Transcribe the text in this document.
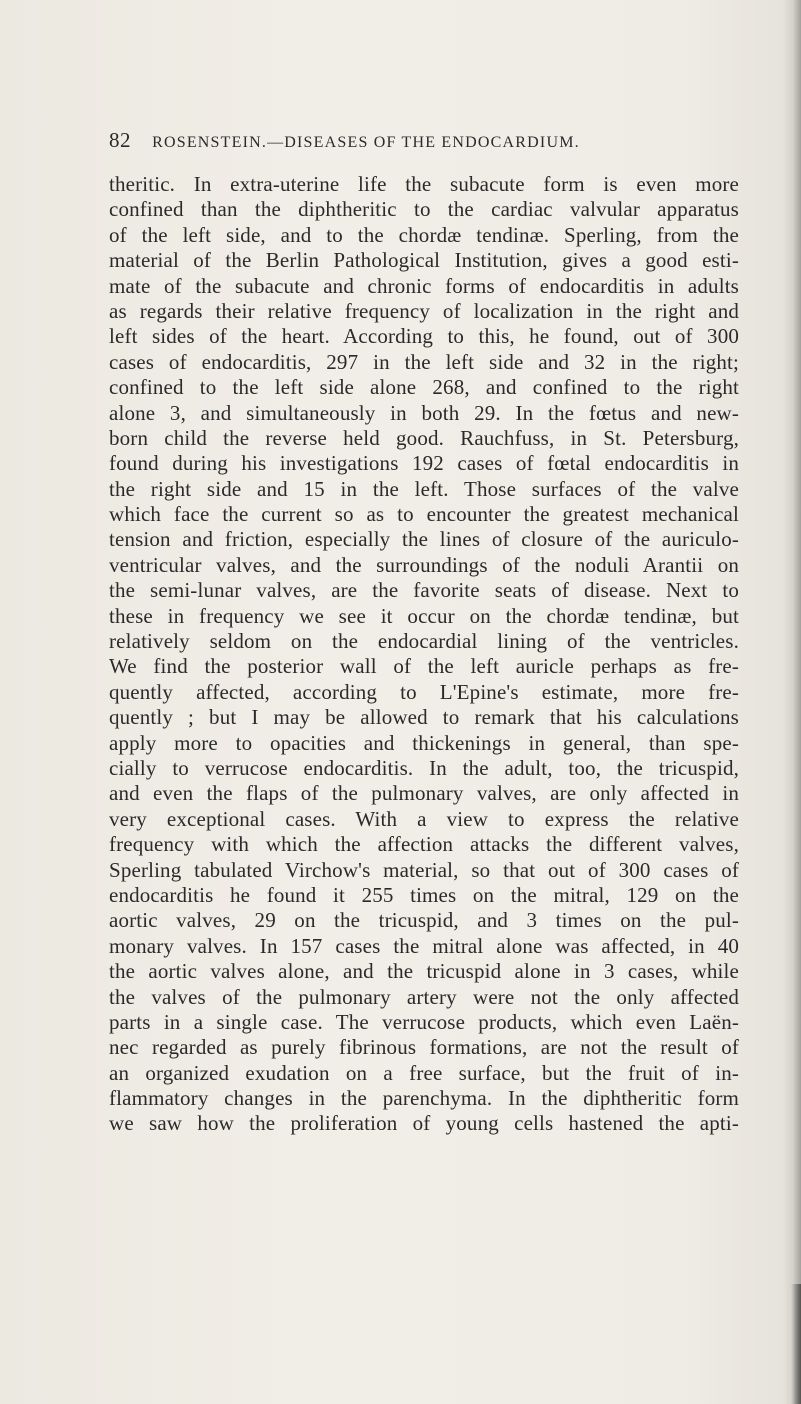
82 ROSENSTEIN.—DISEASES OF THE ENDOCARDIUM.
theritic. In extra-uterine life the subacute form is even more
confined than the diphtheritic to the cardiac valvular apparatus
of the left side, and to the chordæ tendinæ. Sperling, from the
material of the Berlin Pathological Institution, gives a good esti-
mate of the subacute and chronic forms of endocarditis in adults
as regards their relative frequency of localization in the right and
left sides of the heart. According to this, he found, out of 300
cases of endocarditis, 297 in the left side and 32 in the right;
confined to the left side alone 268, and confined to the right
alone 3, and simultaneously in both 29. In the fœtus and new-
born child the reverse held good. Rauchfuss, in St. Petersburg,
found during his investigations 192 cases of fœtal endocarditis in
the right side and 15 in the left. Those surfaces of the valve
which face the current so as to encounter the greatest mechanical
tension and friction, especially the lines of closure of the auriculo-
ventricular valves, and the surroundings of the noduli Arantii on
the semi-lunar valves, are the favorite seats of disease. Next to
these in frequency we see it occur on the chordæ tendinæ, but
relatively seldom on the endocardial lining of the ventricles.
We find the posterior wall of the left auricle perhaps as fre-
quently affected, according to L'Epine's estimate, more fre-
quently ; but I may be allowed to remark that his calculations
apply more to opacities and thickenings in general, than spe-
cially to verrucose endocarditis. In the adult, too, the tricuspid,
and even the flaps of the pulmonary valves, are only affected in
very exceptional cases. With a view to express the relative
frequency with which the affection attacks the different valves,
Sperling tabulated Virchow's material, so that out of 300 cases of
endocarditis he found it 255 times on the mitral, 129 on the
aortic valves, 29 on the tricuspid, and 3 times on the pul-
monary valves. In 157 cases the mitral alone was affected, in 40
the aortic valves alone, and the tricuspid alone in 3 cases, while
the valves of the pulmonary artery were not the only affected
parts in a single case. The verrucose products, which even Laën-
nec regarded as purely fibrinous formations, are not the result of
an organized exudation on a free surface, but the fruit of in-
flammatory changes in the parenchyma. In the diphtheritic form
we saw how the proliferation of young cells hastened the apti-
